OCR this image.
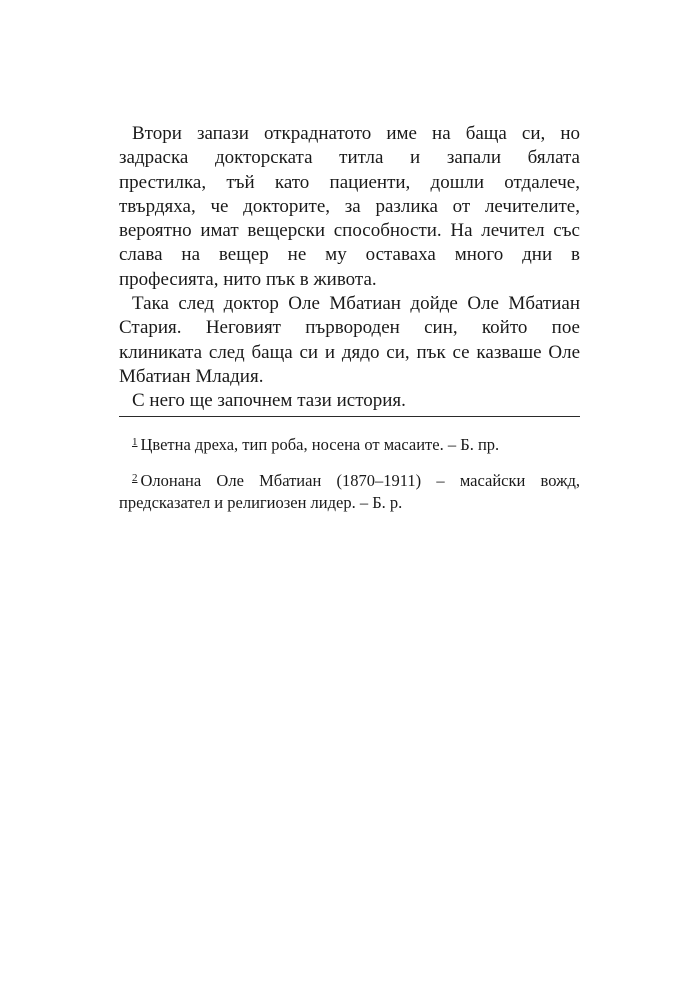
Втори запази откраднатото име на баща си, но
задраска докторската титла и запали бялата
престилка, тъй като пациенти, дошли отдалече,
твърдяха, че докторите, за разлика от лечителите,
вероятно имат вещерски способности. На лечител със
слава на вещер не му оставаха много дни в
професията, нито пък в живота.
Така след доктор Оле Мбатиан дойде Оле Мбатиан
Стария. Неговият първороден син, който пое
клиниката след баща си и дядо си, пък се казваше Оле
Мбатиан Младия.
С него ще започнем тази история.
$^1$ Цветна дреха, тип роба, носена от масаите. – Б. пр.
$^2$ Олонана Оле Мбатиан (1870–1911) – масайски вожд,
предсказател и религиозен лидер. – Б. р.
